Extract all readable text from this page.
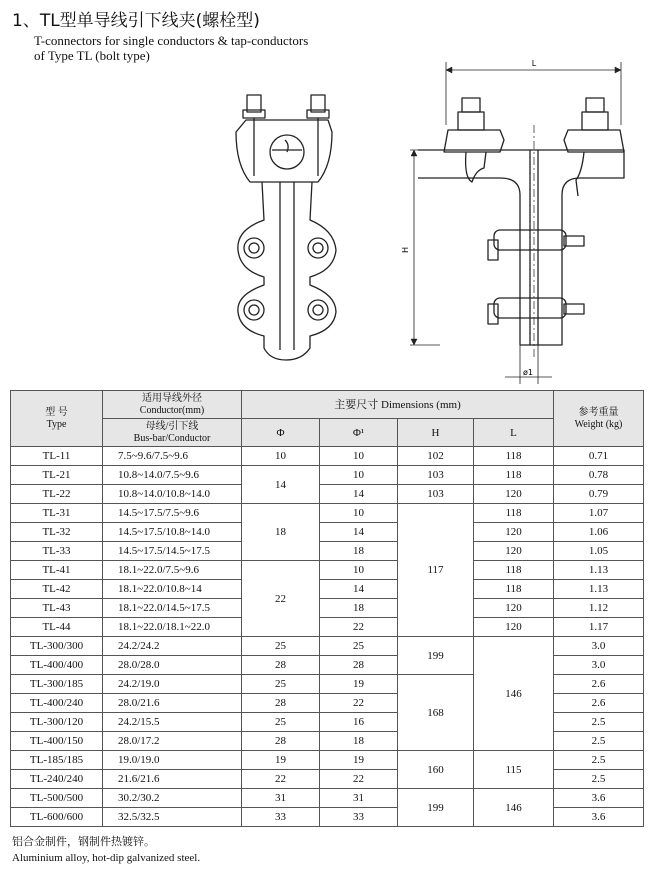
1、TL型单导线引下线夹(螺栓型)
T-connectors for single conductors & tap-conductors
of Type TL (bolt type)
L
H
ø1
型 号
Type	适用导线外径
Conductor(mm)	主要尺寸 Dimensions (mm)				参考重量
Weight (kg)

	母线/引下线
Bus-bar/Conductor	Φ	Φ¹	H	L	
TL-11	7.5~9.6/7.5~9.6	10	10	102	118	0.71
TL-21	10.8~14.0/7.5~9.6	14	10	103	118	0.78
TL-22	10.8~14.0/10.8~14.0		14	103	120	0.79
TL-31	14.5~17.5/7.5~9.6	18	10	117	118	1.07
TL-32	14.5~17.5/10.8~14.0		14		120	1.06
TL-33	14.5~17.5/14.5~17.5		18		120	1.05
TL-41	18.1~22.0/7.5~9.6	22	10		118	1.13
TL-42	18.1~22.0/10.8~14		14		118	1.13
TL-43	18.1~22.0/14.5~17.5		18		120	1.12
TL-44	18.1~22.0/18.1~22.0		22		120	1.17
TL-300/300	24.2/24.2	25	25	199	146	3.0
TL-400/400	28.0/28.0	28	28			3.0
TL-300/185	24.2/19.0	25	19	168		2.6
TL-400/240	28.0/21.6	28	22			2.6
TL-300/120	24.2/15.5	25	16			2.5
TL-400/150	28.0/17.2	28	18			2.5
TL-185/185	19.0/19.0	19	19	160	115	2.5
TL-240/240	21.6/21.6	22	22			2.5
TL-500/500	30.2/30.2	31	31	199	146	3.6
TL-600/600	32.5/32.5	33	33			3.6
铝合金制件，钢制件热镀锌。
Aluminium alloy, hot-dip galvanized steel.
